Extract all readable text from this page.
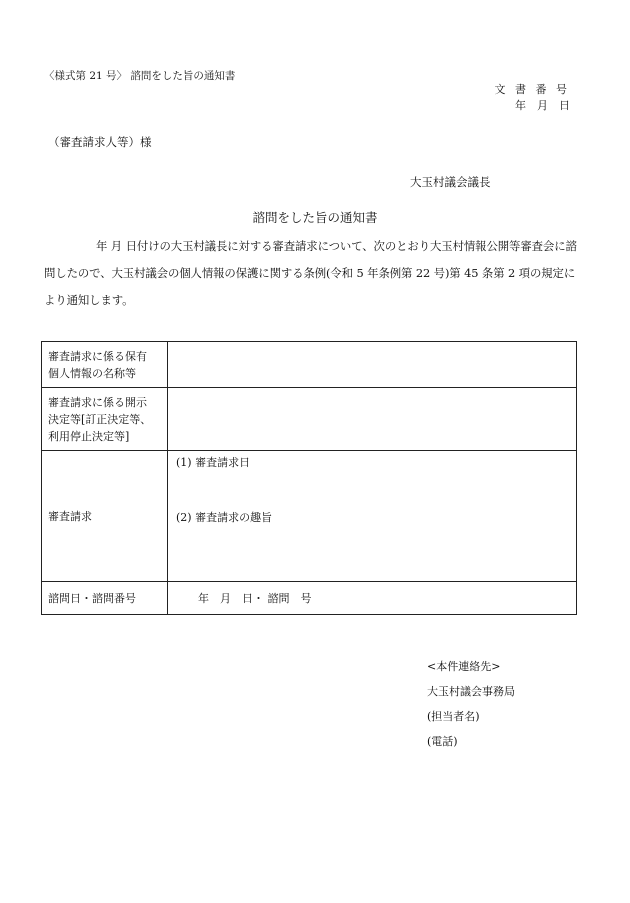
〈様式第 21 号〉 諮問をした旨の通知書
文 書 番 号
年　月　日
（審査請求人等）様
大玉村議会議長
諮問をした旨の通知書
年 月 日付けの大玉村議長に対する審査請求について、次のとおり大玉村情報公開等審査会に諮問したので、大玉村議会の個人情報の保護に関する条例(令和 5 年条例第 22 号)第 45 条第 2 項の規定により通知します。
審査請求に係る保有
個人情報の名称等	

審査請求に係る開示
決定等[訂正決定等、
利用停止決定等]	

審査請求	(1) 審査請求日
(2) 審査請求の趣旨

諮問日・諮問番号	年　月　日・ 諮問　号
<本件連絡先>
大玉村議会事務局
(担当者名)
(電話)
